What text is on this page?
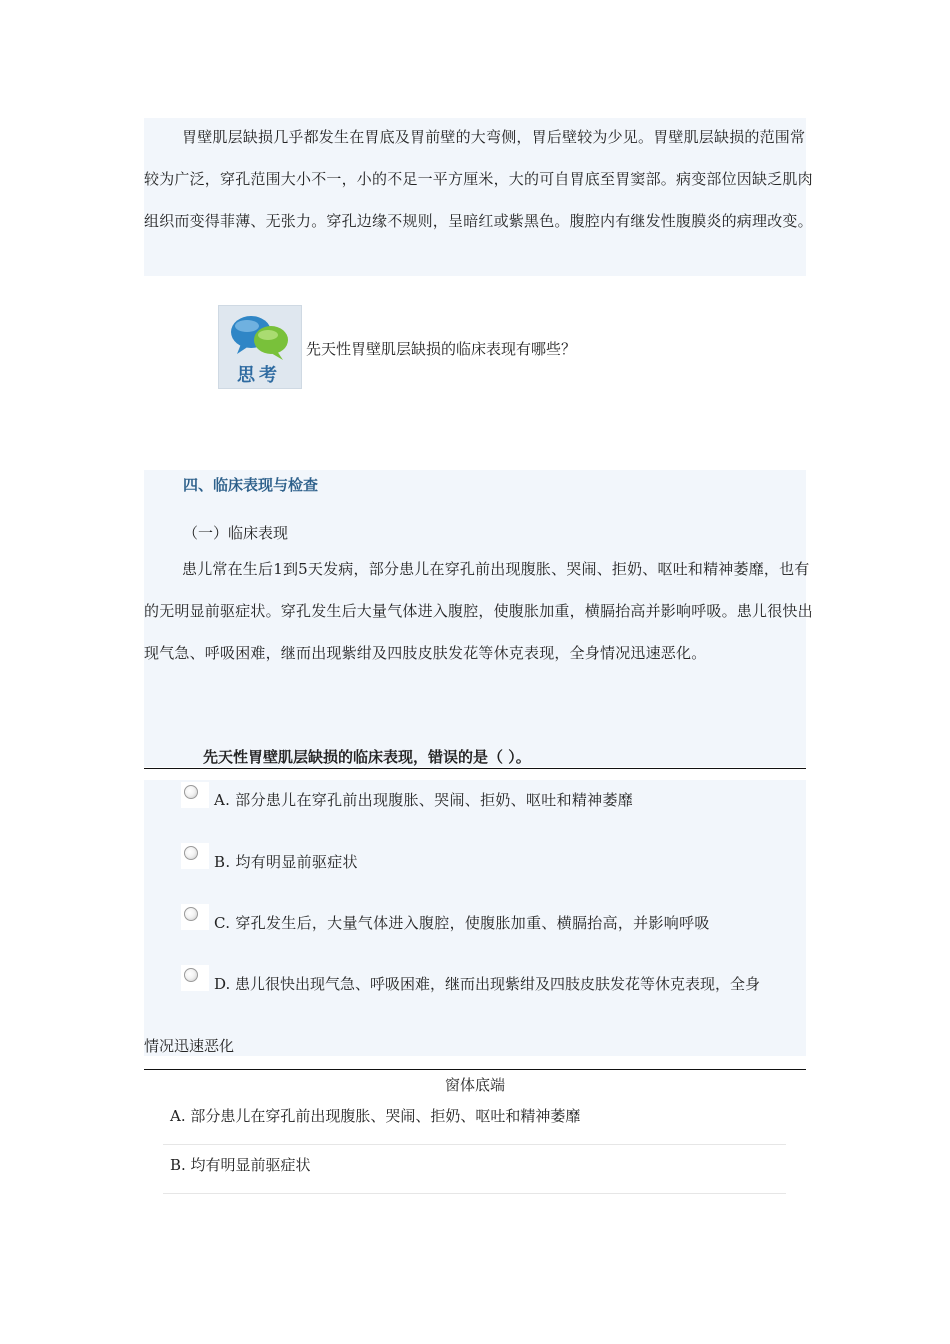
胃壁肌层缺损几乎都发生在胃底及胃前壁的大弯侧，胃后壁较为少见。胃壁肌层缺损的范围常较为广泛，穿孔范围大小不一，小的不足一平方厘米，大的可自胃底至胃窦部。病变部位因缺乏肌肉组织而变得菲薄、无张力。穿孔边缘不规则，呈暗红或紫黑色。腹腔内有继发性腹膜炎的病理改变。

思考
先天性胃壁肌层缺损的临床表现有哪些？
四、临床表现与检查
（一）临床表现

患儿常在生后1到5天发病，部分患儿在穿孔前出现腹胀、哭闹、拒奶、呕吐和精神萎靡，也有的无明显前驱症状。穿孔发生后大量气体进入腹腔，使腹胀加重，横膈抬高并影响呼吸。患儿很快出现气急、呼吸困难，继而出现紫绀及四肢皮肤发花等休克表现，全身情况迅速恶化。

先天性胃壁肌层缺损的临床表现，错误的是（ ）。
A. 部分患儿在穿孔前出现腹胀、哭闹、拒奶、呕吐和精神萎靡
B. 均有明显前驱症状
C. 穿孔发生后，大量气体进入腹腔，使腹胀加重、横膈抬高，并影响呼吸
D. 患儿很快出现气急、呼吸困难，继而出现紫绀及四肢皮肤发花等休克表现，全身
情况迅速恶化
窗体底端
A. 部分患儿在穿孔前出现腹胀、哭闹、拒奶、呕吐和精神萎靡
B. 均有明显前驱症状
